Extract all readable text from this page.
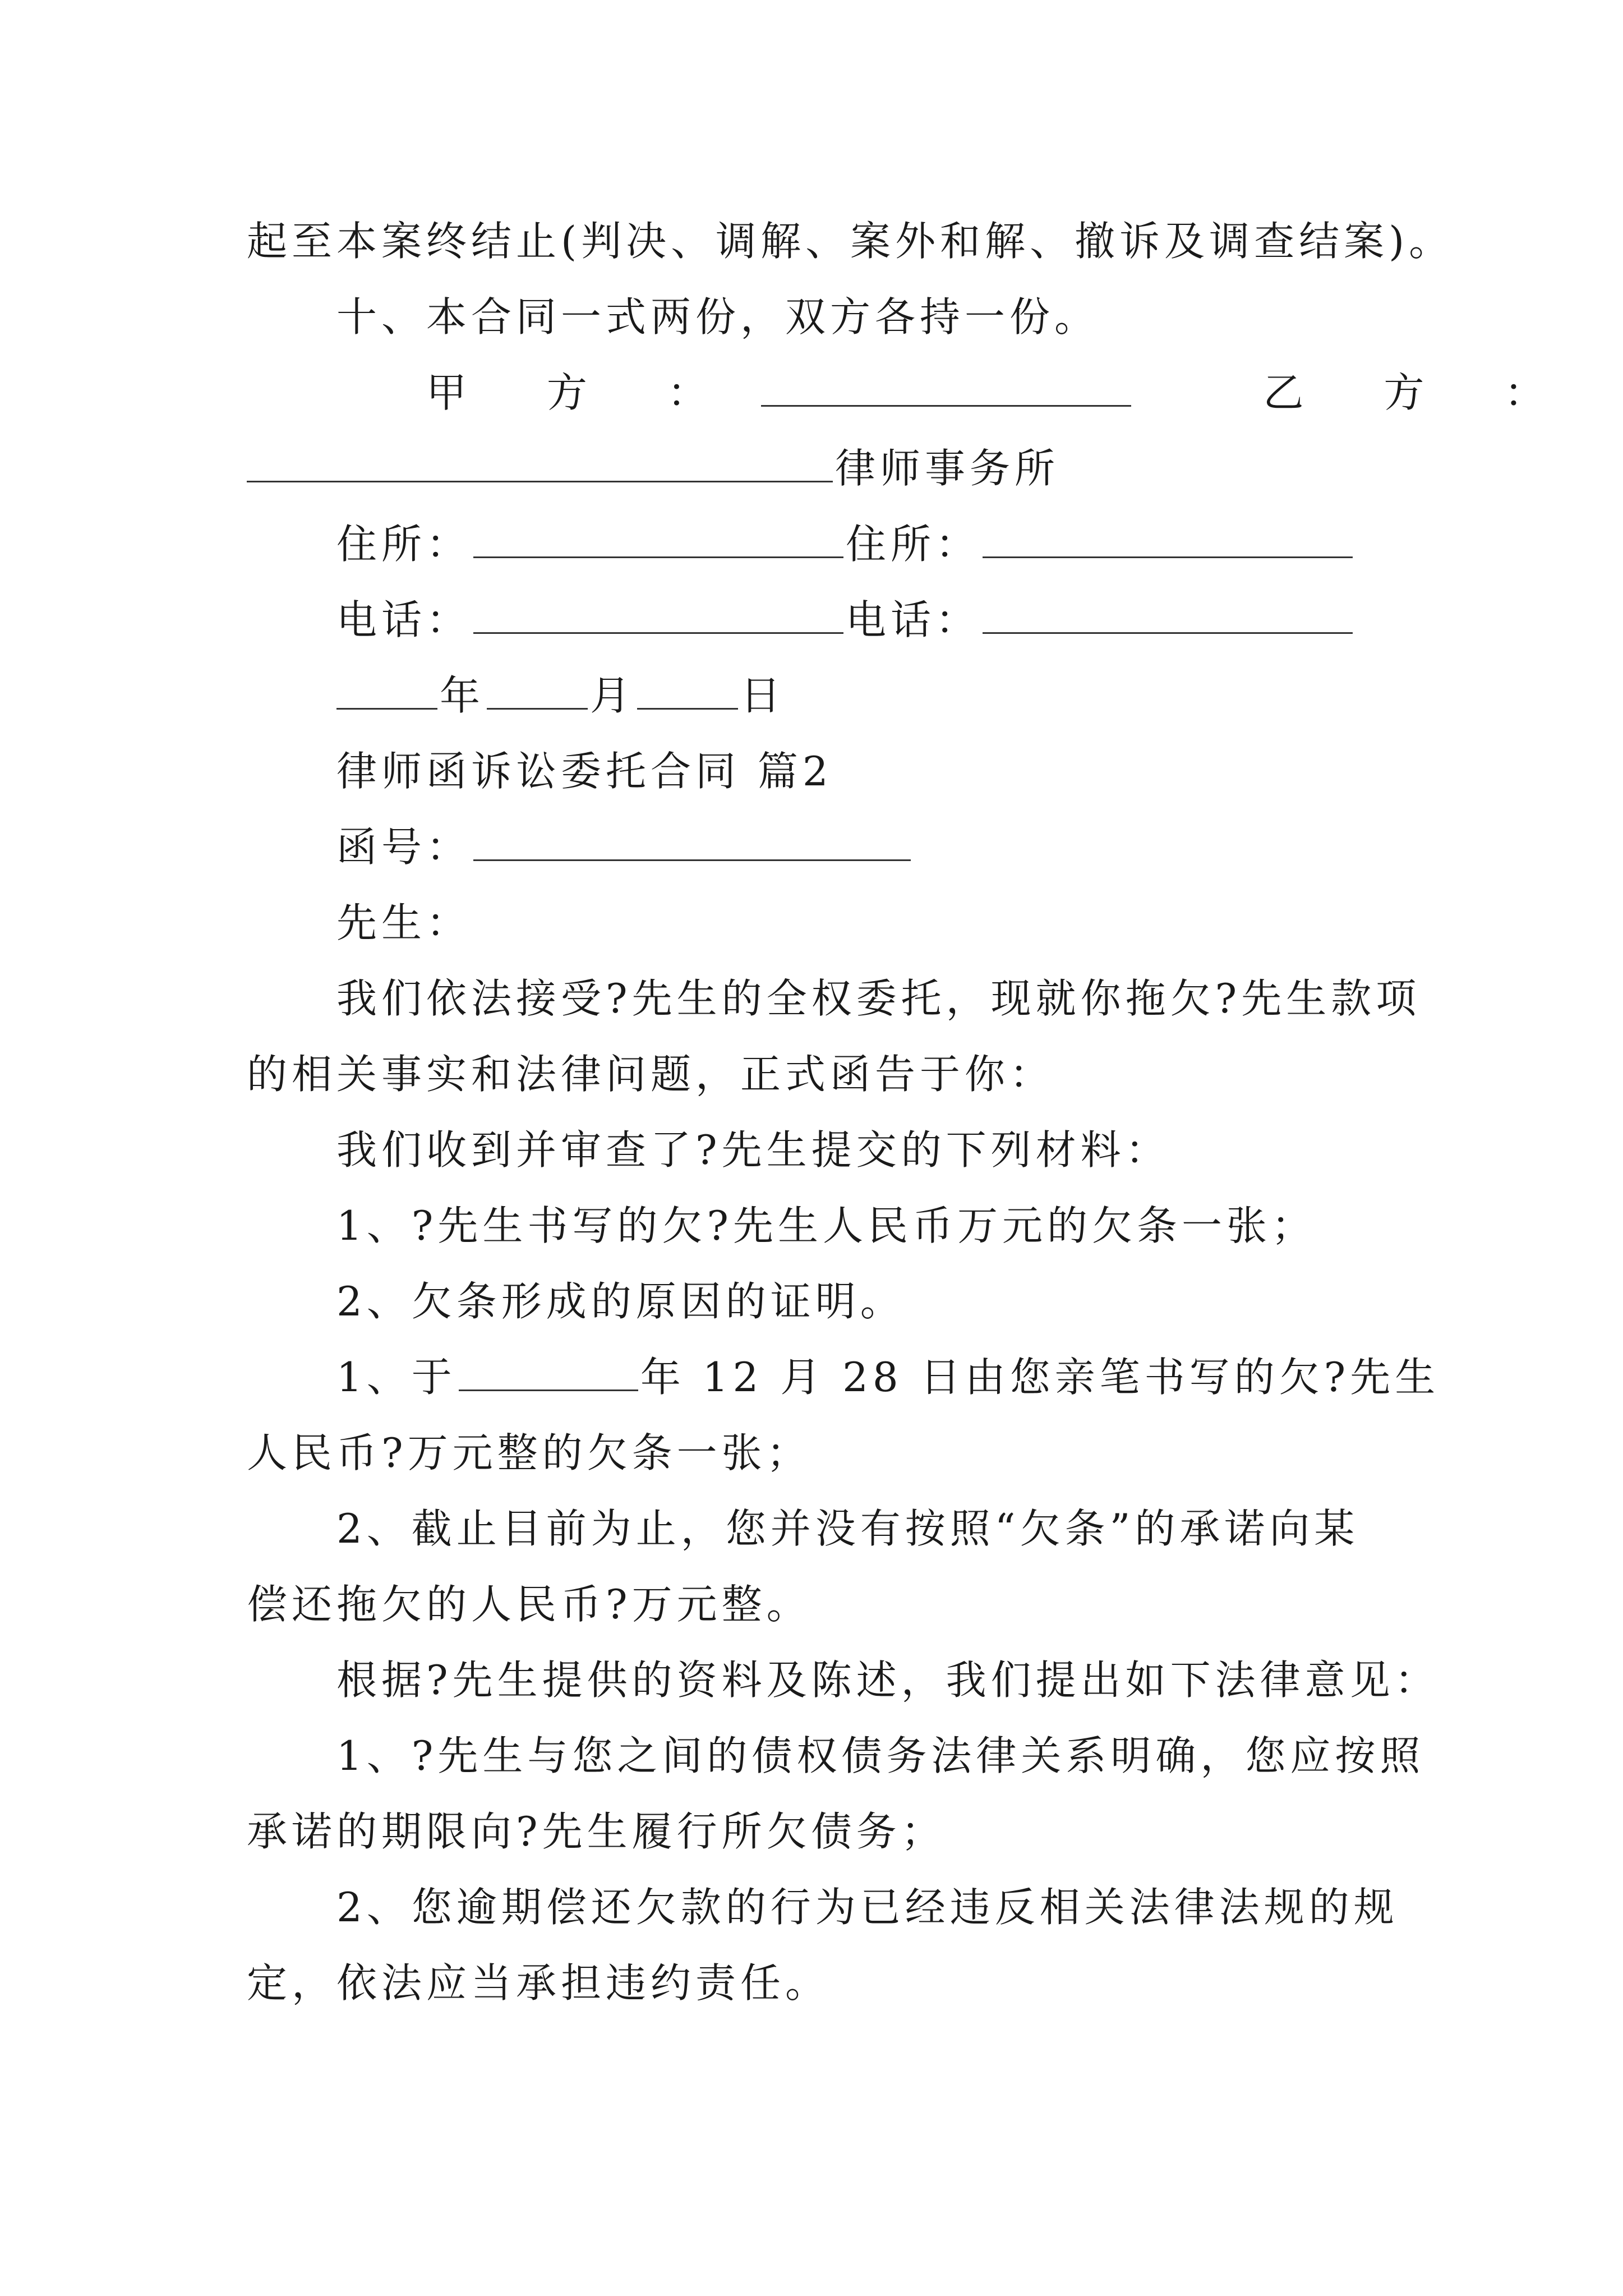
起至本案终结止(判决、调解、案外和解、撤诉及调查结案)。
十、本合同一式两份，双方各持一份。
甲 方 ：	乙 方 ：
律师事务所
住所：	住所：
电话：	电话：
年	月	日
律师函诉讼委托合同 篇2
函号：
先生：
我们依法接受?先生的全权委托，现就你拖欠?先生款项
的相关事实和法律问题，正式函告于你：
我们收到并审查了?先生提交的下列材料：
1、?先生书写的欠?先生人民币万元的欠条一张；
2、欠条形成的原因的证明。
1、于	年 12 月 28 日由您亲笔书写的欠?先生
人民币?万元整的欠条一张；
2、截止目前为止，您并没有按照“欠条”的承诺向某
偿还拖欠的人民币?万元整。
根据?先生提供的资料及陈述，我们提出如下法律意见：
1、?先生与您之间的债权债务法律关系明确，您应按照
承诺的期限向?先生履行所欠债务；
2、您逾期偿还欠款的行为已经违反相关法律法规的规
定，依法应当承担违约责任。
